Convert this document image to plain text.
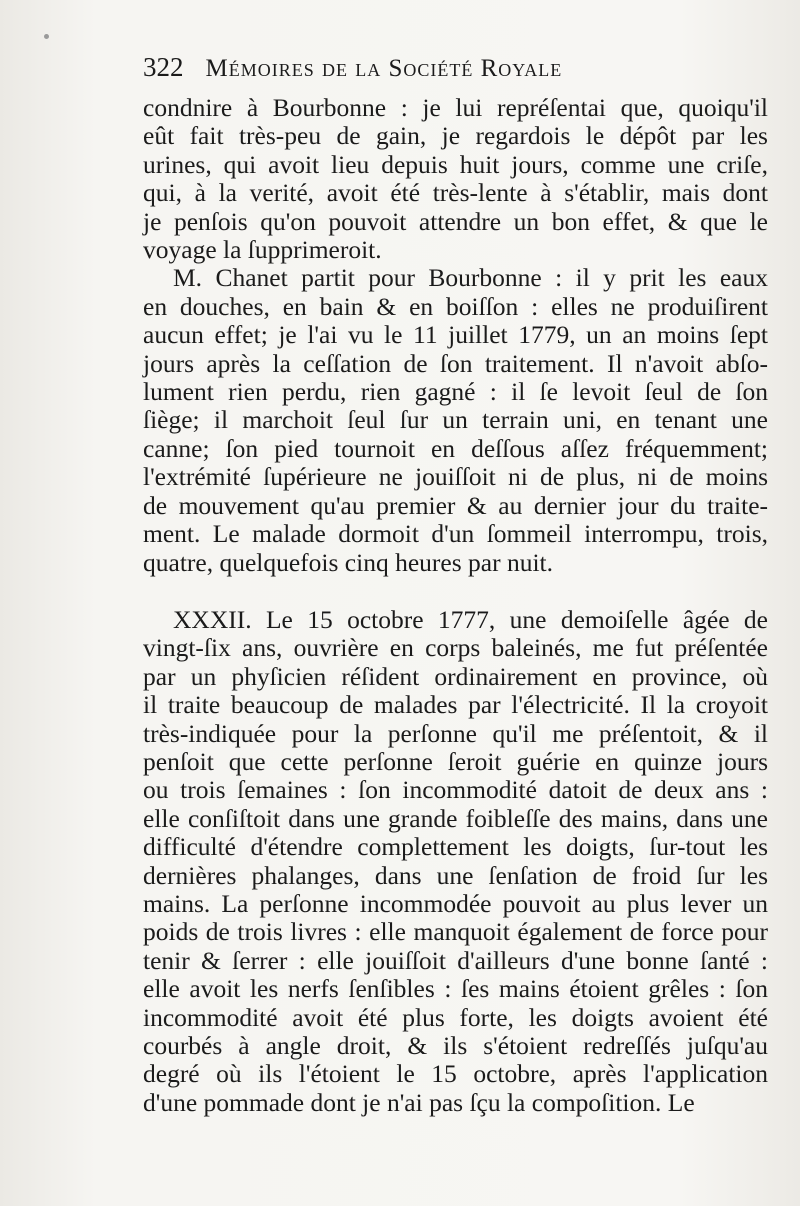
322 Mémoires de la Société Royale
condnire à Bourbonne : je lui repréſentai que, quoiqu'il
eût fait très-peu de gain, je regardois le dépôt par les
urines, qui avoit lieu depuis huit jours, comme une criſe,
qui, à la verité, avoit été très-lente à s'établir, mais dont
je penſois qu'on pouvoit attendre un bon effet, & que le
voyage la ſupprimeroit.
M. Chanet partit pour Bourbonne : il y prit les eaux
en douches, en bain & en boiſſon : elles ne produiſirent
aucun effet; je l'ai vu le 11 juillet 1779, un an moins ſept
jours après la ceſſation de ſon traitement. Il n'avoit abſo-
lument rien perdu, rien gagné : il ſe levoit ſeul de ſon
ſiège; il marchoit ſeul ſur un terrain uni, en tenant une
canne; ſon pied tournoit en deſſous aſſez fréquemment;
l'extrémité ſupérieure ne jouiſſoit ni de plus, ni de moins
de mouvement qu'au premier & au dernier jour du traite-
ment. Le malade dormoit d'un ſommeil interrompu, trois,
quatre, quelquefois cinq heures par nuit.
XXXII. Le 15 octobre 1777, une demoiſelle âgée de
vingt-ſix ans, ouvrière en corps baleinés, me fut préſentée
par un phyſicien réſident ordinairement en province, où
il traite beaucoup de malades par l'électricité. Il la croyoit
très-indiquée pour la perſonne qu'il me préſentoit, & il
penſoit que cette perſonne ſeroit guérie en quinze jours
ou trois ſemaines : ſon incommodité datoit de deux ans :
elle conſiſtoit dans une grande foibleſſe des mains, dans une
difficulté d'étendre complettement les doigts, ſur-tout les
dernières phalanges, dans une ſenſation de froid ſur les
mains. La perſonne incommodée pouvoit au plus lever un
poids de trois livres : elle manquoit également de force pour
tenir & ſerrer : elle jouiſſoit d'ailleurs d'une bonne ſanté :
elle avoit les nerfs ſenſibles : ſes mains étoient grêles : ſon
incommodité avoit été plus forte, les doigts avoient été
courbés à angle droit, & ils s'étoient redreſſés juſqu'au
degré où ils l'étoient le 15 octobre, après l'application
d'une pommade dont je n'ai pas ſçu la compoſition. Le
